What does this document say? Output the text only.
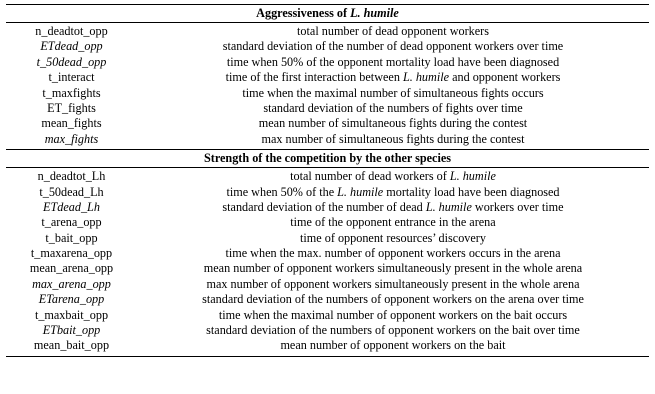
Aggressiveness of L. humile
n_deadtot_opp	total number of dead opponent workers
ETdead_opp	standard deviation of the number of dead opponent workers over time
t_50dead_opp	time when 50% of the opponent mortality load have been diagnosed
t_interact	time of the first interaction between L. humile and opponent workers
t_maxfights	time when the maximal number of simultaneous fights occurs
ET_fights	standard deviation of the numbers of fights over time
mean_fights	mean number of simultaneous fights during the contest
max_fights	max number of simultaneous fights during the contest
Strength of the competition by the other species
n_deadtot_Lh	total number of dead workers of L. humile
t_50dead_Lh	time when 50% of the L. humile mortality load have been diagnosed
ETdead_Lh	standard deviation of the number of dead L. humile workers over time
t_arena_opp	time of the opponent entrance in the arena
t_bait_opp	time of opponent resources’ discovery
t_maxarena_opp	time when the max. number of opponent workers occurs in the arena
mean_arena_opp	mean number of opponent workers simultaneously present in the whole arena
max_arena_opp	max number of opponent workers simultaneously present in the whole arena
ETarena_opp	standard deviation of the numbers of opponent workers on the arena over time
t_maxbait_opp	time when the maximal number of opponent workers on the bait occurs
ETbait_opp	standard deviation of the numbers of opponent workers on the bait over time
mean_bait_opp	mean number of opponent workers on the bait
